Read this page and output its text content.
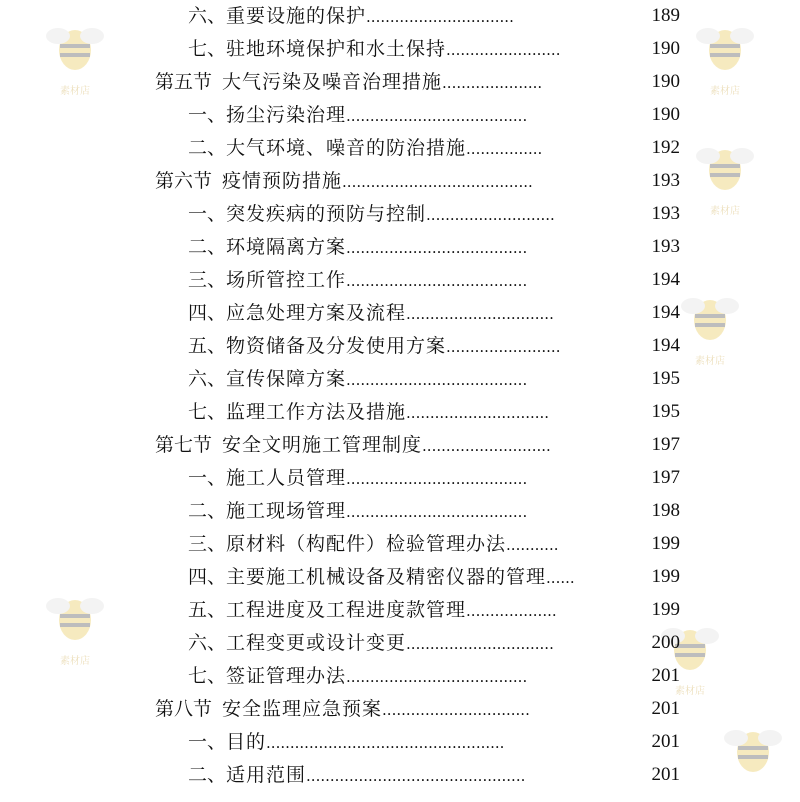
素材店	素材店
素材店
素材店
素材店
素材店
六、重要设施的保护...............................	189
七、驻地环境保护和水土保持........................	190
第五节 大气污染及噪音治理措施.....................	190
一、扬尘污染治理......................................	190
二、大气环境、噪音的防治措施................	192
第六节 疫情预防措施........................................	193
一、突发疾病的预防与控制...........................	193
二、环境隔离方案......................................	193
三、场所管控工作......................................	194
四、应急处理方案及流程...............................	194
五、物资储备及分发使用方案........................	194
六、宣传保障方案......................................	195
七、监理工作方法及措施..............................	195
第七节 安全文明施工管理制度...........................	197
一、施工人员管理......................................	197
二、施工现场管理......................................	198
三、原材料（构配件）检验管理办法...........	199
四、主要施工机械设备及精密仪器的管理......	199
五、工程进度及工程进度款管理...................	199
六、工程变更或设计变更...............................	200
七、签证管理办法......................................	201
第八节 安全监理应急预案...............................	201
一、目的..................................................	201
二、适用范围..............................................	201
